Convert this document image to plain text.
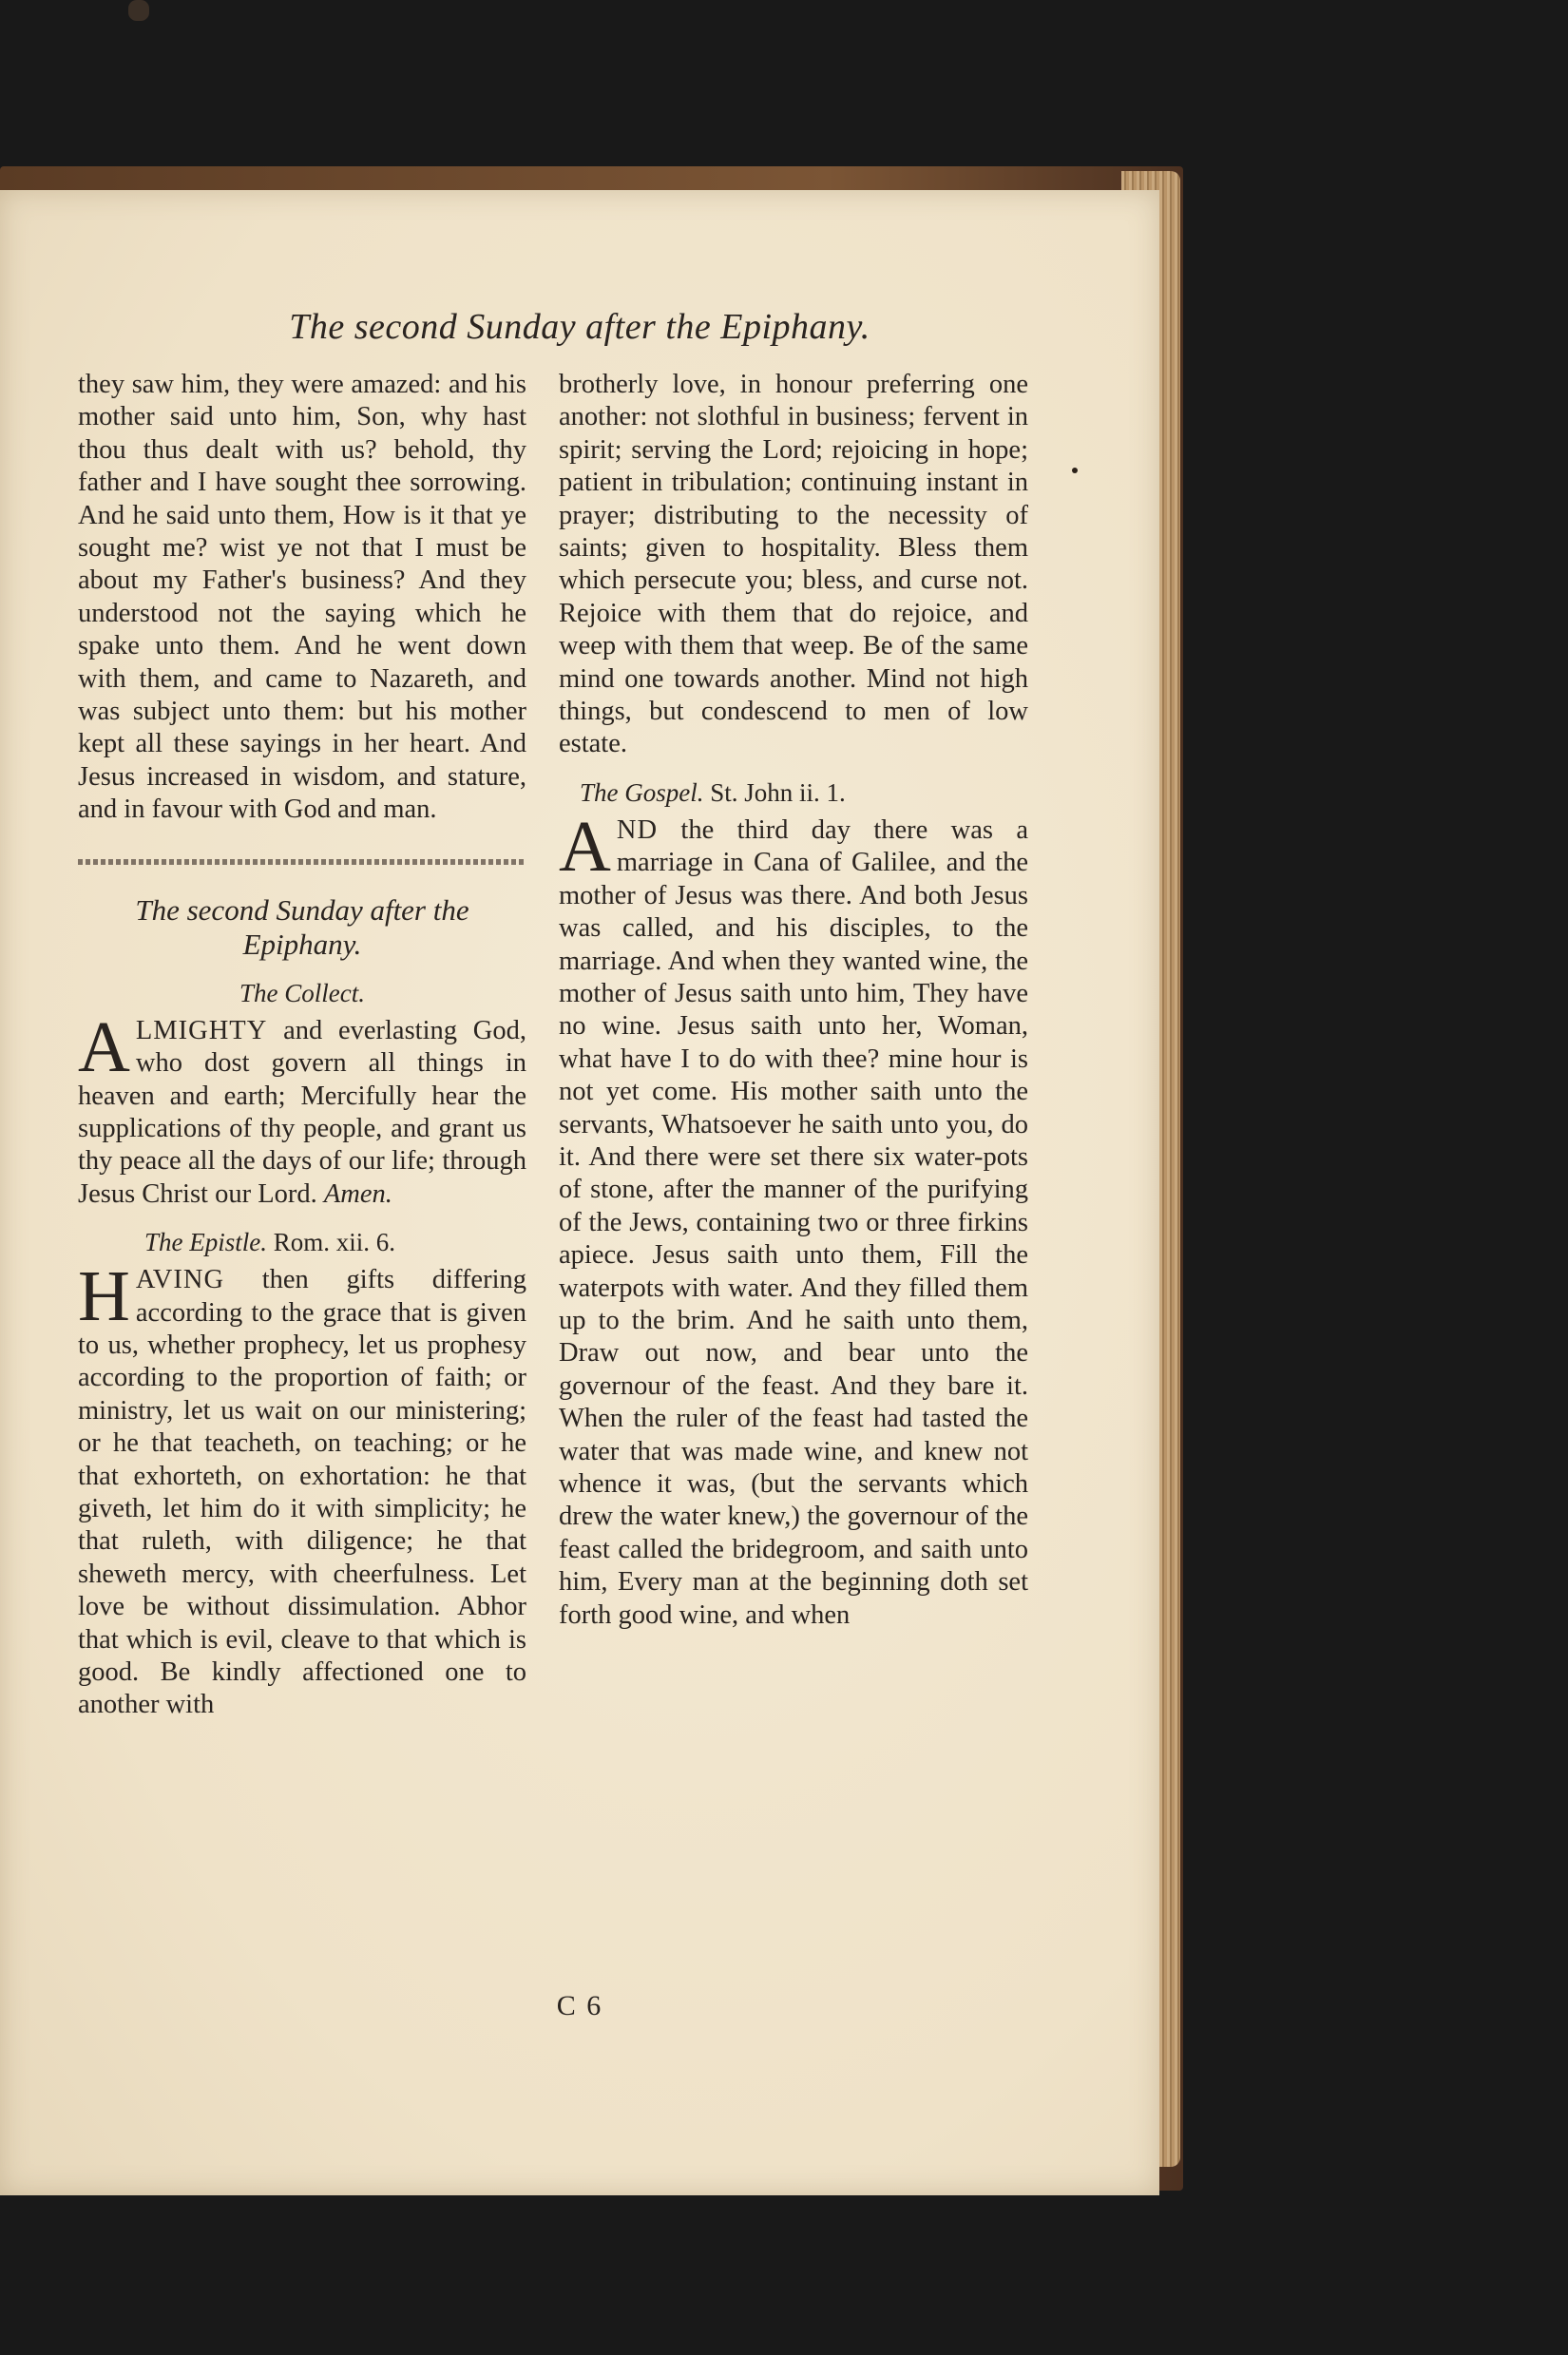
The second Sunday after the Epiphany.

they saw him, they were amazed: and his mother said unto him, Son, why hast thou thus dealt with us? behold, thy father and I have sought thee sorrowing. And he said unto them, How is it that ye sought me? wist ye not that I must be about my Father's business? And they understood not the saying which he spake unto them. And he went down with them, and came to Nazareth, and was subject unto them: but his mother kept all these sayings in her heart. And Jesus increased in wisdom, and stature, and in favour with God and man.

The second Sunday after the Epiphany.
The Collect.

ALMIGHTY and everlasting God, who dost govern all things in heaven and earth; Mercifully hear the supplications of thy people, and grant us thy peace all the days of our life; through Jesus Christ our Lord. Amen.

The Epistle. Rom. xii. 6.

HAVING then gifts differing according to the grace that is given to us, whether prophecy, let us prophesy according to the proportion of faith; or ministry, let us wait on our ministering; or he that teacheth, on teaching; or he that exhorteth, on exhortation: he that giveth, let him do it with simplicity; he that ruleth, with diligence; he that sheweth mercy, with cheerfulness. Let love be without dissimulation. Abhor that which is evil, cleave to that which is good. Be kindly affectioned one to another with

brotherly love, in honour preferring one another: not slothful in business; fervent in spirit; serving the Lord; rejoicing in hope; patient in tribulation; continuing instant in prayer; distributing to the necessity of saints; given to hospitality. Bless them which persecute you; bless, and curse not. Rejoice with them that do rejoice, and weep with them that weep. Be of the same mind one towards another. Mind not high things, but condescend to men of low estate.

The Gospel. St. John ii. 1.

AND the third day there was a marriage in Cana of Galilee, and the mother of Jesus was there. And both Jesus was called, and his disciples, to the marriage. And when they wanted wine, the mother of Jesus saith unto him, They have no wine. Jesus saith unto her, Woman, what have I to do with thee? mine hour is not yet come. His mother saith unto the servants, Whatsoever he saith unto you, do it. And there were set there six water-pots of stone, after the manner of the purifying of the Jews, containing two or three firkins apiece. Jesus saith unto them, Fill the waterpots with water. And they filled them up to the brim. And he saith unto them, Draw out now, and bear unto the governour of the feast. And they bare it. When the ruler of the feast had tasted the water that was made wine, and knew not whence it was, (but the servants which drew the water knew,) the governour of the feast called the bridegroom, and saith unto him, Every man at the beginning doth set forth good wine, and when

C 6
